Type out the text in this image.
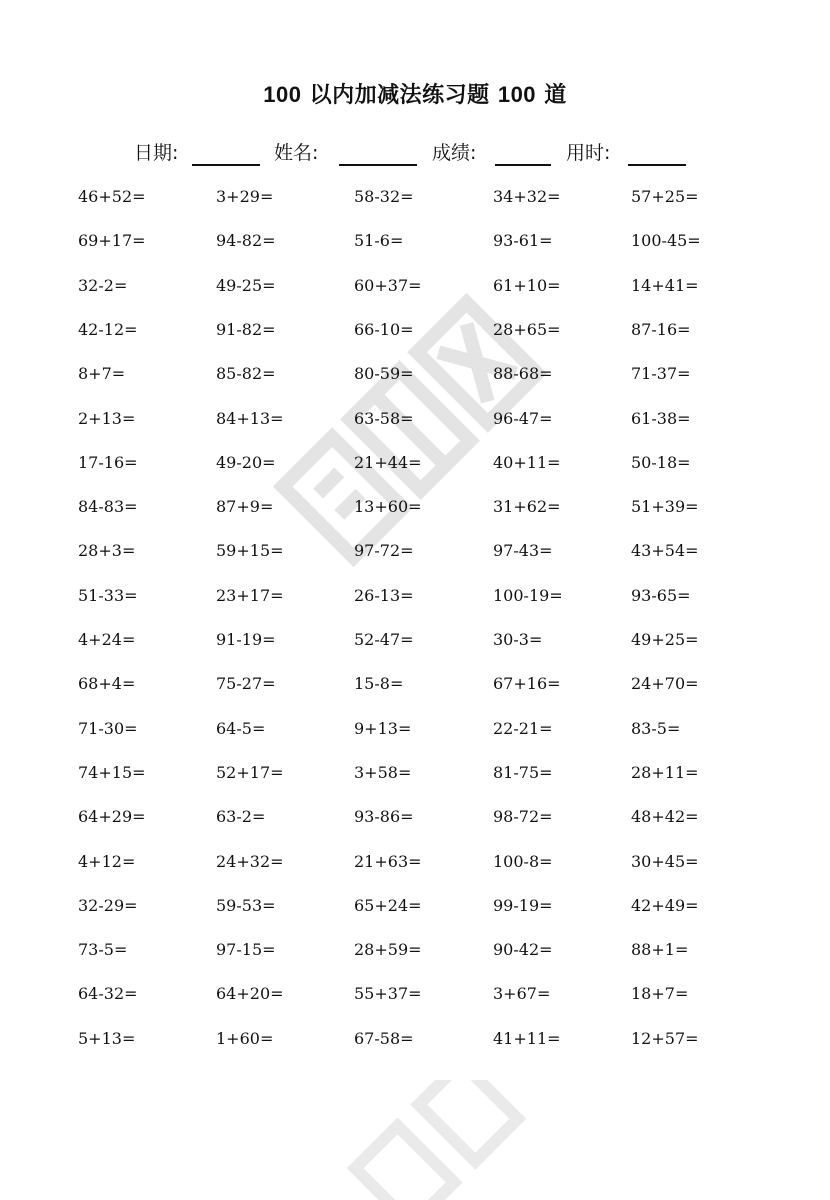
100 以内加减法练习题 100 道
日期:	姓名:	成绩:	用时:
46+52=	3+29=	58-32=	34+32=	57+25=
69+17=	94-82=	51-6=	93-61=	100-45=
32-2=	49-25=	60+37=	61+10=	14+41=
42-12=	91-82=	66-10=	28+65=	87-16=
8+7=	85-82=	80-59=	88-68=	71-37=
2+13=	84+13=	63-58=	96-47=	61-38=
17-16=	49-20=	21+44=	40+11=	50-18=
84-83=	87+9=	13+60=	31+62=	51+39=
28+3=	59+15=	97-72=	97-43=	43+54=
51-33=	23+17=	26-13=	100-19=	93-65=
4+24=	91-19=	52-47=	30-3=	49+25=
68+4=	75-27=	15-8=	67+16=	24+70=
71-30=	64-5=	9+13=	22-21=	83-5=
74+15=	52+17=	3+58=	81-75=	28+11=
64+29=	63-2=	93-86=	98-72=	48+42=
4+12=	24+32=	21+63=	100-8=	30+45=
32-29=	59-53=	65+24=	99-19=	42+49=
73-5=	97-15=	28+59=	90-42=	88+1=
64-32=	64+20=	55+37=	3+67=	18+7=
5+13=	1+60=	67-58=	41+11=	12+57=
